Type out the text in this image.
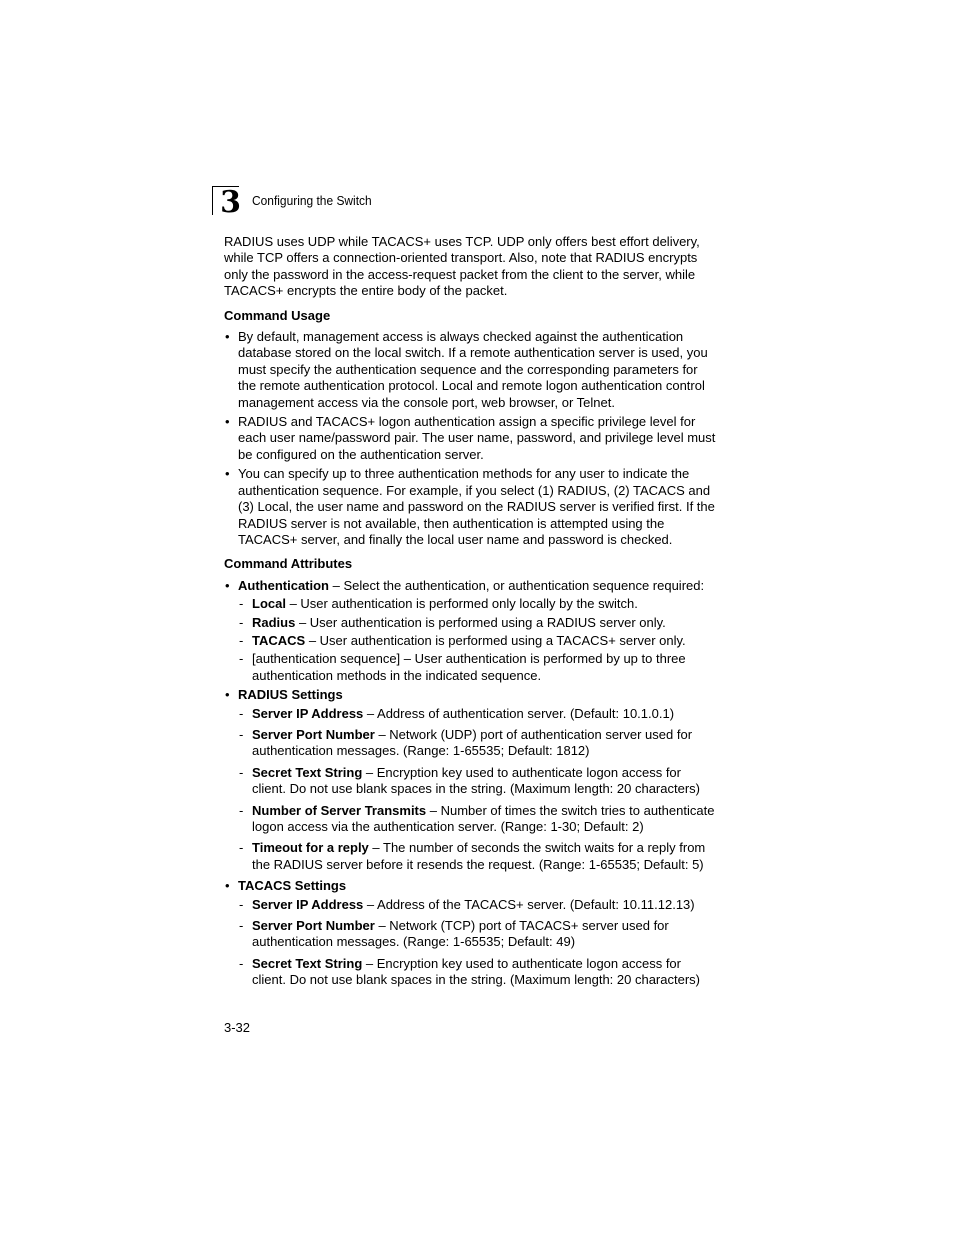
3 Configuring the Switch

RADIUS uses UDP while TACACS+ uses TCP. UDP only offers best effort delivery, while TCP offers a connection-oriented transport. Also, note that RADIUS encrypts only the password in the access-request packet from the client to the server, while TACACS+ encrypts the entire body of the packet.

Command Usage

• By default, management access is always checked against the authentication database stored on the local switch. If a remote authentication server is used, you must specify the authentication sequence and the corresponding parameters for the remote authentication protocol. Local and remote logon authentication control management access via the console port, web browser, or Telnet.
• RADIUS and TACACS+ logon authentication assign a specific privilege level for each user name/password pair. The user name, password, and privilege level must be configured on the authentication server.
• You can specify up to three authentication methods for any user to indicate the authentication sequence. For example, if you select (1) RADIUS, (2) TACACS and (3) Local, the user name and password on the RADIUS server is verified first. If the RADIUS server is not available, then authentication is attempted using the TACACS+ server, and finally the local user name and password is checked.

Command Attributes

• Authentication – Select the authentication, or authentication sequence required:
- Local – User authentication is performed only locally by the switch.
- Radius – User authentication is performed using a RADIUS server only.
- TACACS – User authentication is performed using a TACACS+ server only.
- [authentication sequence] – User authentication is performed by up to three authentication methods in the indicated sequence.
• RADIUS Settings
- Server IP Address – Address of authentication server. (Default: 10.1.0.1)
- Server Port Number – Network (UDP) port of authentication server used for authentication messages. (Range: 1-65535; Default: 1812)
- Secret Text String – Encryption key used to authenticate logon access for client. Do not use blank spaces in the string. (Maximum length: 20 characters)
- Number of Server Transmits – Number of times the switch tries to authenticate logon access via the authentication server. (Range: 1-30; Default: 2)
- Timeout for a reply – The number of seconds the switch waits for a reply from the RADIUS server before it resends the request. (Range: 1-65535; Default: 5)
• TACACS Settings
- Server IP Address – Address of the TACACS+ server. (Default: 10.11.12.13)
- Server Port Number – Network (TCP) port of TACACS+ server used for authentication messages. (Range: 1-65535; Default: 49)
- Secret Text String – Encryption key used to authenticate logon access for client. Do not use blank spaces in the string. (Maximum length: 20 characters)
3-32
